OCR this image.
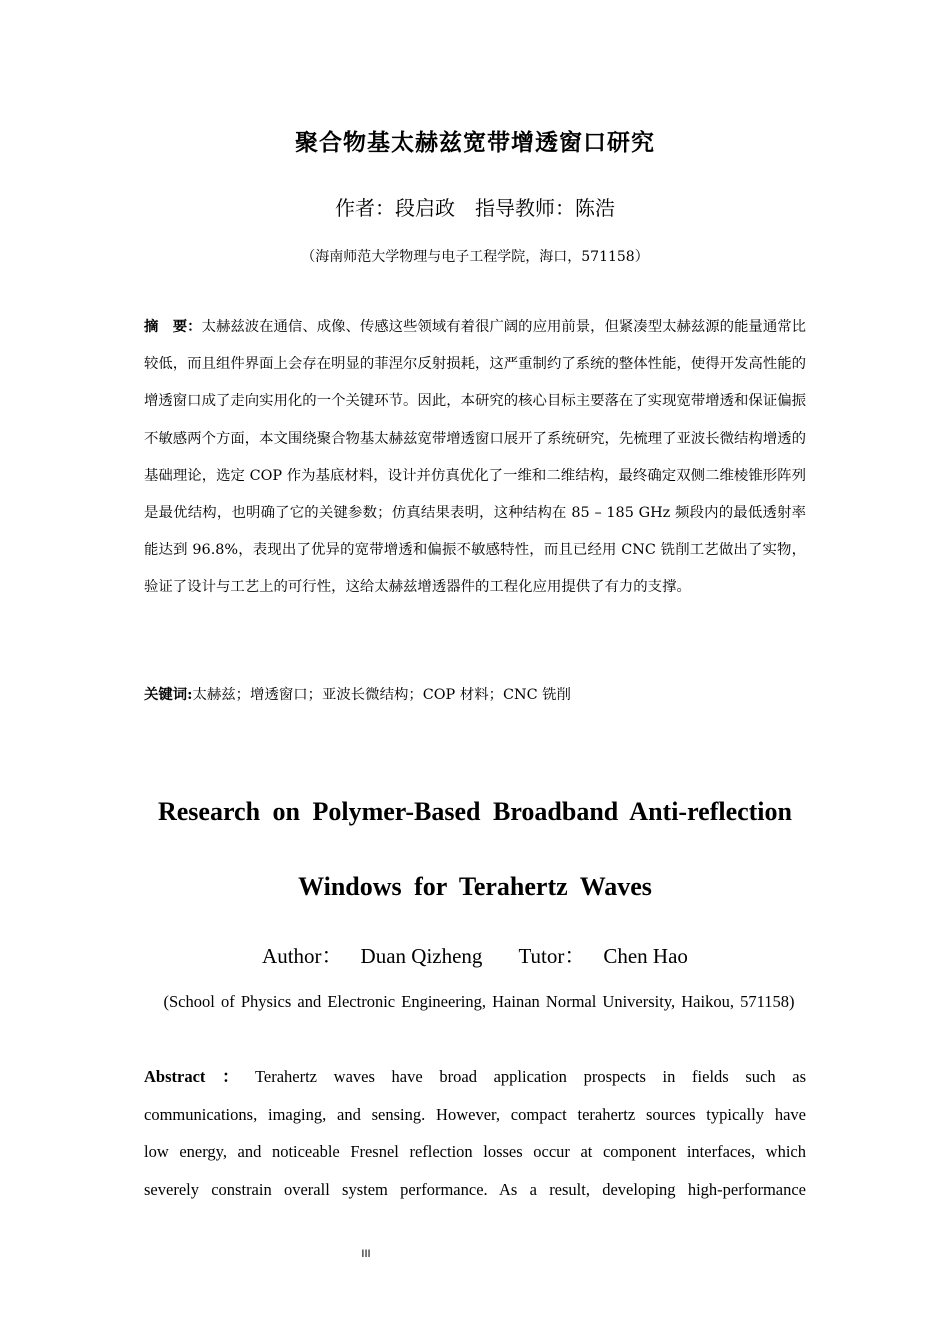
聚合物基太赫兹宽带增透窗口研究
作者：段启政　指导教师：陈浩
（海南师范大学物理与电子工程学院，海口，571158）
摘　要：太赫兹波在通信、成像、传感这些领域有着很广阔的应用前景，但紧凑型太赫兹源的能量通常比较低，而且组件界面上会存在明显的菲涅尔反射损耗，这严重制约了系统的整体性能，使得开发高性能的增透窗口成了走向实用化的一个关键环节。因此，本研究的核心目标主要落在了实现宽带增透和保证偏振不敏感两个方面，本文围绕聚合物基太赫兹宽带增透窗口展开了系统研究，先梳理了亚波长微结构增透的基础理论，选定 COP 作为基底材料，设计并仿真优化了一维和二维结构，最终确定双侧二维棱锥形阵列是最优结构，也明确了它的关键参数；仿真结果表明，这种结构在 85 – 185 GHz 频段内的最低透射率能达到 96.8%，表现出了优异的宽带增透和偏振不敏感特性，而且已经用 CNC 铣削工艺做出了实物，验证了设计与工艺上的可行性，这给太赫兹增透器件的工程化应用提供了有力的支撑。
关键词:太赫兹；增透窗口；亚波长微结构；COP 材料；CNC 铣削
Research on Polymer-Based Broadband Anti-reflection
Windows for Terahertz Waves
Author： Duan Qizheng Tutor： Chen Hao
(School of Physics and Electronic Engineering, Hainan Normal University, Haikou, 571158)
Abstract ： Terahertz waves have broad application prospects in fields such as
communications, imaging, and sensing. However, compact terahertz sources typically have
low energy, and noticeable Fresnel reflection losses occur at component interfaces, which
severely constrain overall system performance. As a result, developing high-performance
III
